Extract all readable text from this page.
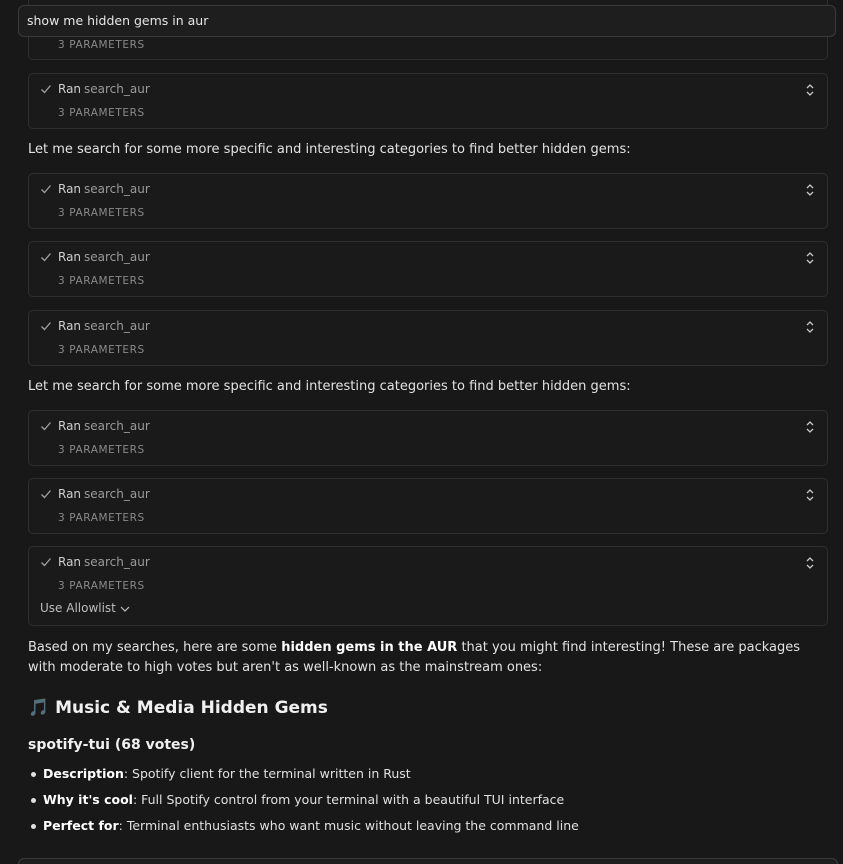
3 PARAMETERS
show me hidden gems in aur
Ran search_aur
3 PARAMETERS
Let me search for some more specific and interesting categories to find better hidden gems:
Ran search_aur
3 PARAMETERS
Ran search_aur
3 PARAMETERS
Ran search_aur
3 PARAMETERS
Let me search for some more specific and interesting categories to find better hidden gems:
Ran search_aur
3 PARAMETERS
Ran search_aur
3 PARAMETERS
Ran search_aur
3 PARAMETERS
Use Allowlist
Based on my searches, here are some hidden gems in the AUR that you might find interesting! These are packages with moderate to high votes but aren't as well-known as the mainstream ones:
🎵 Music & Media Hidden Gems
spotify-tui (68 votes)
Description: Spotify client for the terminal written in Rust
Why it's cool: Full Spotify control from your terminal with a beautiful TUI interface
Perfect for: Terminal enthusiasts who want music without leaving the command line
